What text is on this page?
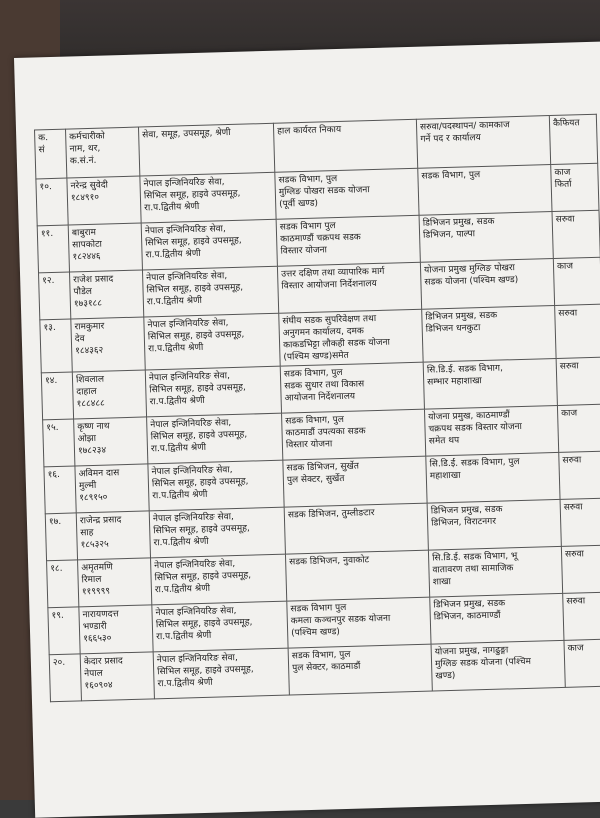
क.
सं	कर्मचारीको
नाम, थर,
क.सं.नं.	सेवा, समूह, उपसमूह, श्रेणी	हाल कार्यरत निकाय	सरुवा/पदस्थापन/ कामकाज
गर्ने पद र कार्यालय	कैफियत

१०.	नरेन्द्र सुवेदी
१८४९१०	नेपाल इन्जिनियरिङ सेवा,
सिभिल समूह, हाइवे उपसमूह,
रा.प.द्वितीय श्रेणी	सडक विभाग, पुल
मुग्लिङ पोखरा सडक योजना
(पूर्वी खण्ड)	सडक विभाग, पुल	काज
फिर्ता

११.	बाबुराम
सापकोटा
१८२४४६	नेपाल इन्जिनियरिङ सेवा,
सिभिल समूह, हाइवे उपसमूह,
रा.प.द्वितीय श्रेणी	सडक विभाग पुल
काठमाण्डौं चक्रपथ सडक
विस्तार योजना	डिभिजन प्रमुख, सडक
डिभिजन, पाल्पा	सरुवा

१२.	राजेश प्रसाद
पौडेल
१७३१८८	नेपाल इन्जिनियरिङ सेवा,
सिभिल समूह, हाइवे उपसमूह,
रा.प.द्वितीय श्रेणी	उत्तर दक्षिण तथा व्यापारिक मार्ग
विस्तार आयोजना निर्देशनालय	योजना प्रमुख मुग्लिङ पोखरा
सडक योजना (पश्चिम खण्ड)	काज

१३.	रामकुमार
देव
१८४३६२	नेपाल इन्जिनियरिङ सेवा,
सिभिल समूह, हाइवे उपसमूह,
रा.प.द्वितीय श्रेणी	संघीय सडक सुपरिवेक्षण तथा
अनुगमन कार्यालय, दमक
काकडभिट्टा लौकही सडक योजना
(पश्चिम खण्ड)समेत	डिभिजन प्रमुख, सडक
डिभिजन धनकुटा	सरुवा

१४.	शिवलाल
दाहाल
१८८४८८	नेपाल इन्जिनियरिङ सेवा,
सिभिल समूह, हाइवे उपसमूह,
रा.प.द्वितीय श्रेणी	सडक विभाग, पुल
सडक सुधार तथा विकास
आयोजना निर्देशनालय	सि.डि.ई. सडक विभाग,
सम्भार महाशाखा	सरुवा

१५.	कृष्ण नाथ
ओझा
१७८२३४	नेपाल इन्जिनियरिङ सेवा,
सिभिल समूह, हाइवे उपसमूह,
रा.प.द्वितीय श्रेणी	सडक विभाग, पुल
काठमाडौं उपत्यका सडक
विस्तार योजना	योजना प्रमुख, काठमाण्डौं
चक्रपथ सडक विस्तार योजना
समेत थप	काज

१६.	अविमन दास
मुल्मी
१८९१५०	नेपाल इन्जिनियरिङ सेवा,
सिभिल समूह, हाइवे उपसमूह,
रा.प.द्वितीय श्रेणी	सडक डिभिजन, सुर्खेत
पुल सेक्टर, सुर्खेत	सि.डि.ई. सडक विभाग, पुल
महाशाखा	सरुवा

१७.	राजेन्द्र प्रसाद
साह
१८५३२५	नेपाल इन्जिनियरिङ सेवा,
सिभिल समूह, हाइवे उपसमूह,
रा.प.द्वितीय श्रेणी	सडक डिभिजन, तुम्लीङटार	डिभिजन प्रमुख, सडक
डिभिजन, विराटनगर	सरुवा

१८.	अमृतमणि
रिमाल
११९९९९	नेपाल इन्जिनियरिङ सेवा,
सिभिल समूह, हाइवे उपसमूह,
रा.प.द्वितीय श्रेणी	सडक डिभिजन, नुवाकोट	सि.डि.ई. सडक विभाग, भू
वातावरण तथा सामाजिक
शाखा	सरुवा

१९.	नारायणदत्त
भण्डारी
१६६५३०	नेपाल इन्जिनियरिङ सेवा,
सिभिल समूह, हाइवे उपसमूह,
रा.प.द्वितीय श्रेणी	सडक विभाग पुल
कमला कञ्चनपुर सडक योजना
(पश्चिम खण्ड)	डिभिजन प्रमुख, सडक
डिभिजन, काठमाण्डौं	सरुवा

२०.	केदार प्रसाद
नेपाल
१६०९०४	नेपाल इन्जिनियरिङ सेवा,
सिभिल समूह, हाइवे उपसमूह,
रा.प.द्वितीय श्रेणी	सडक विभाग, पुल
पुल सेक्टर, काठमाडौं	योजना प्रमुख, नागढुङ्गा
मुग्लिङ सडक योजना (पश्चिम
खण्ड)	काज
